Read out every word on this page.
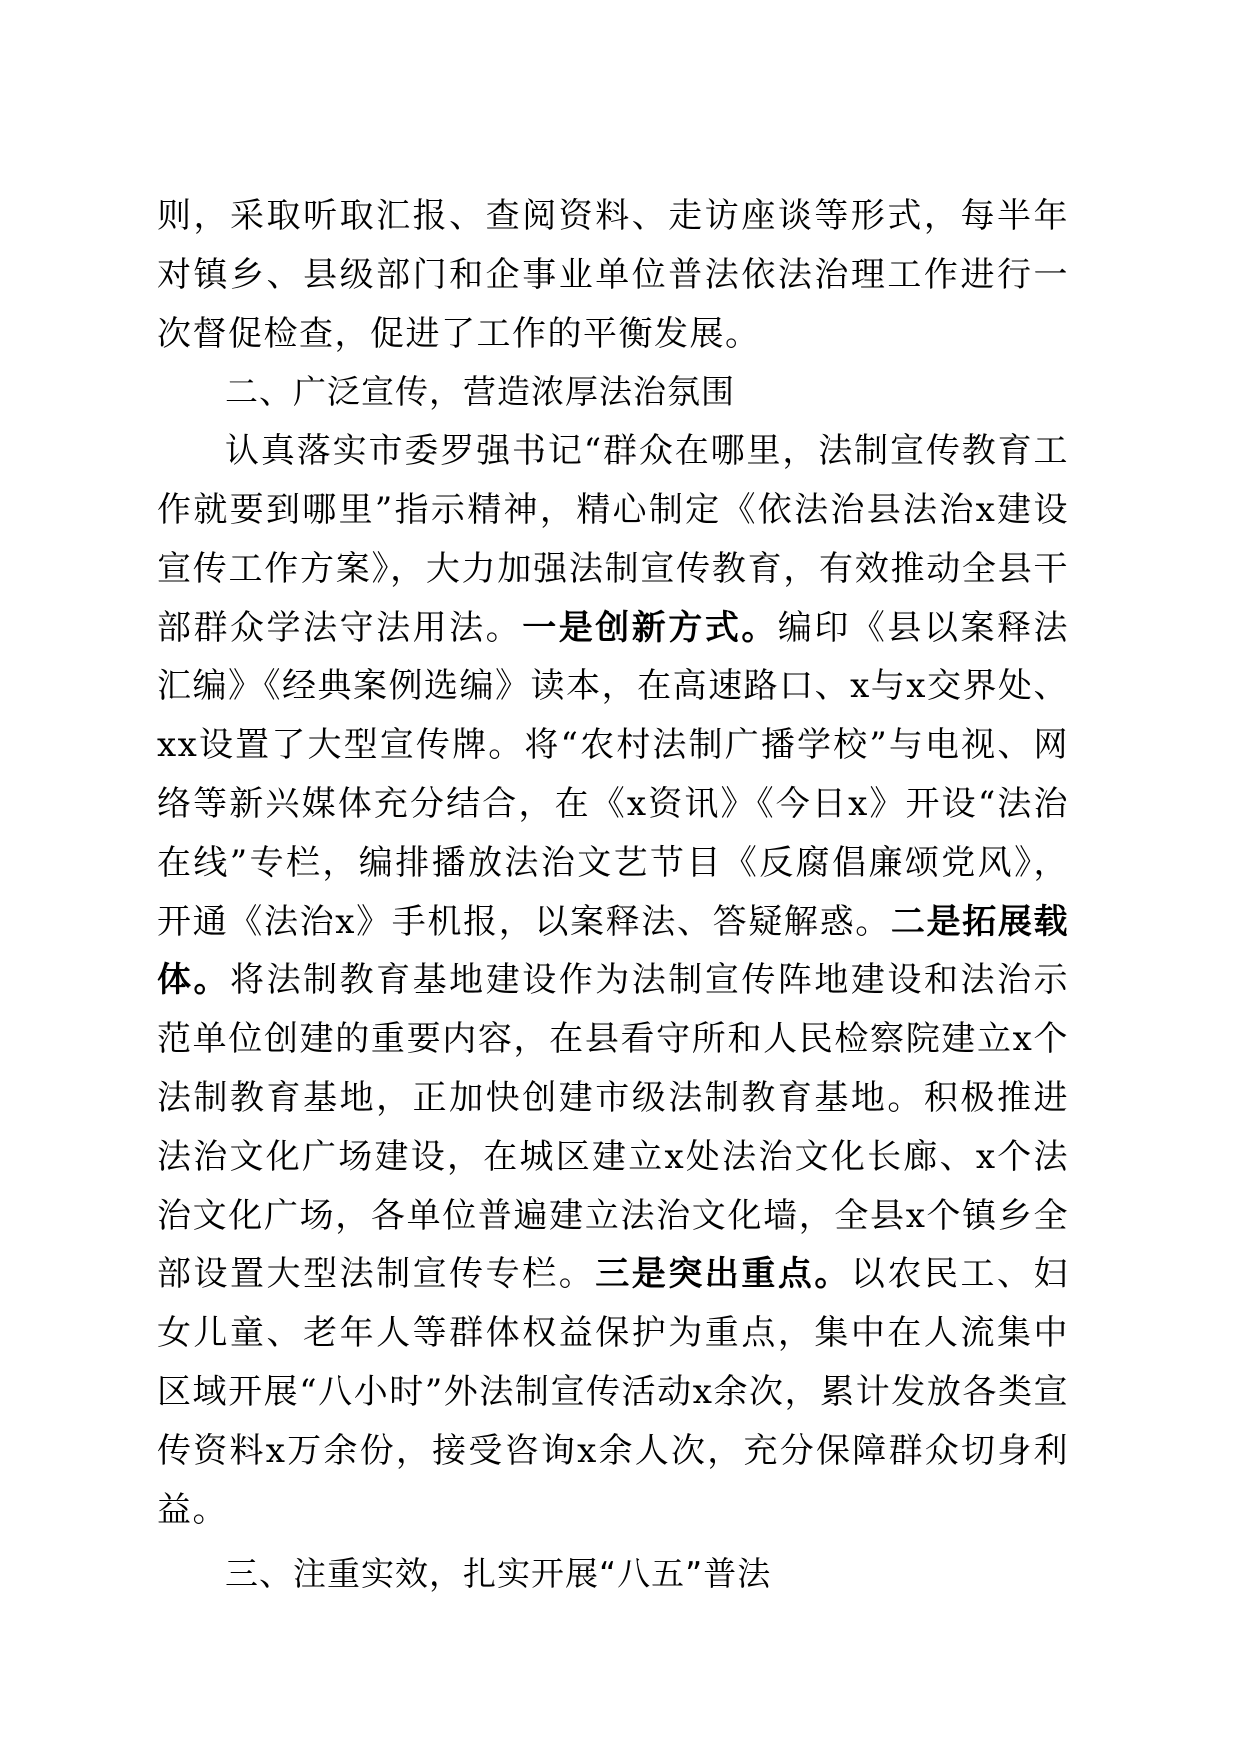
则，采取听取汇报、查阅资料、走访座谈等形式，每半年对镇乡、县级部门和企事业单位普法依法治理工作进行一次督促检查，促进了工作的平衡发展。

二、广泛宣传，营造浓厚法治氛围

认真落实市委罗强书记“群众在哪里，法制宣传教育工作就要到哪里”指示精神，精心制定《依法治县法治x建设宣传工作方案》，大力加强法制宣传教育，有效推动全县干部群众学法守法用法。一是创新方式。编印《县以案释法汇编》《经典案例选编》读本，在高速路口、x与x交界处、xx设置了大型宣传牌。将“农村法制广播学校”与电视、网络等新兴媒体充分结合，在《x资讯》《今日x》开设“法治在线”专栏，编排播放法治文艺节目《反腐倡廉颂党风》，开通《法治x》手机报，以案释法、答疑解惑。二是拓展载体。将法制教育基地建设作为法制宣传阵地建设和法治示范单位创建的重要内容，在县看守所和人民检察院建立x个法制教育基地，正加快创建市级法制教育基地。积极推进法治文化广场建设，在城区建立x处法治文化长廊、x个法治文化广场，各单位普遍建立法治文化墙，全县x个镇乡全部设置大型法制宣传专栏。三是突出重点。以农民工、妇女儿童、老年人等群体权益保护为重点，集中在人流集中区域开展“八小时”外法制宣传活动x余次，累计发放各类宣传资料x万余份，接受咨询x余人次，充分保障群众切身利益。

三、注重实效，扎实开展“八五”普法
